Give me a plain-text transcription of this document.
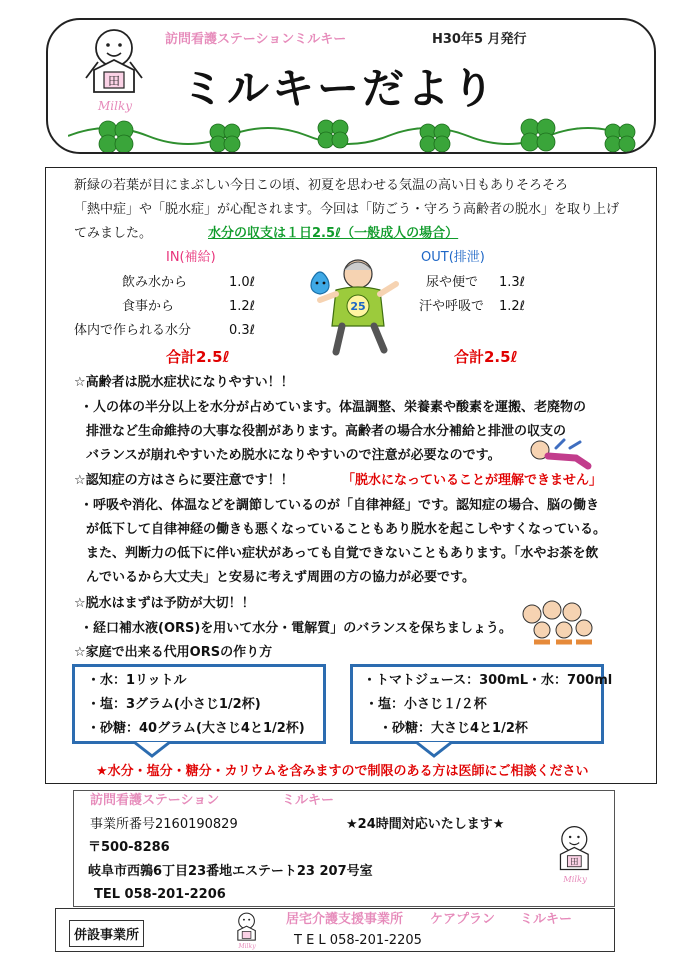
田
Milky
訪問看護ステーションミルキー	H30年5 月発行
ミルキーだより
新緑の若葉が目にまぶしい今日この頃、初夏を思わせる気温の高い日もありそろそろ
「熱中症」や「脱水症」が心配されます。今回は「防ごう・守ろう高齢者の脱水」を取り上げ
てみました。	水分の収支は１日2.5ℓ（一般成人の場合）
IN(補給)
飲み水から	1.0ℓ
食事から	1.2ℓ
体内で作られる水分	0.3ℓ
合計2.5ℓ
25
OUT(排泄)
尿や便で 1.3ℓ
汗や呼吸で 1.2ℓ
合計2.5ℓ
☆高齢者は脱水症状になりやすい！！
・人の体の半分以上を水分が占めています。体温調整、栄養素や酸素を運搬、老廃物の
排泄など生命維持の大事な役割があります。高齢者の場合水分補給と排泄の収支の
バランスが崩れやすいため脱水になりやすいので注意が必要なのです。
☆認知症の方はさらに要注意です！！	「脱水になっていることが理解できません」
・呼吸や消化、体温などを調節しているのが「自律神経」です。認知症の場合、脳の働き
が低下して自律神経の働きも悪くなっていることもあり脱水を起こしやすくなっている。
また、判断力の低下に伴い症状があっても自覚できないこともあります。「水やお茶を飲
んでいるから大丈夫」と安易に考えず周囲の方の協力が必要です。
☆脱水はまずは予防が大切！！
・経口補水液(ORS)を用いて水分・電解質」のバランスを保ちましょう。
☆家庭で出来る代用ORSの作り方
・水：1リットル
・塩：3グラム(小さじ1/2杯)
・砂糖：40グラム(大さじ4と1/2杯)
・トマトジュース：300mL・水：700ml
・塩：小さじ１/２杯
・砂糖：大さじ4と1/2杯
★水分・塩分・糖分・カリウムを含みますので制限のある方は医師にご相談ください
訪問看護ステーション	ミルキー
事業所番号2160190829	★24時間対応いたします★
〒500-8286
岐阜市西鶉6丁目23番地エステート23 207号室
TEL 058-201-2206
田
Milky
併設事業所
Milky
居宅介護支援事業所 ケアプラン ミルキー
T E L 058-201-2205
